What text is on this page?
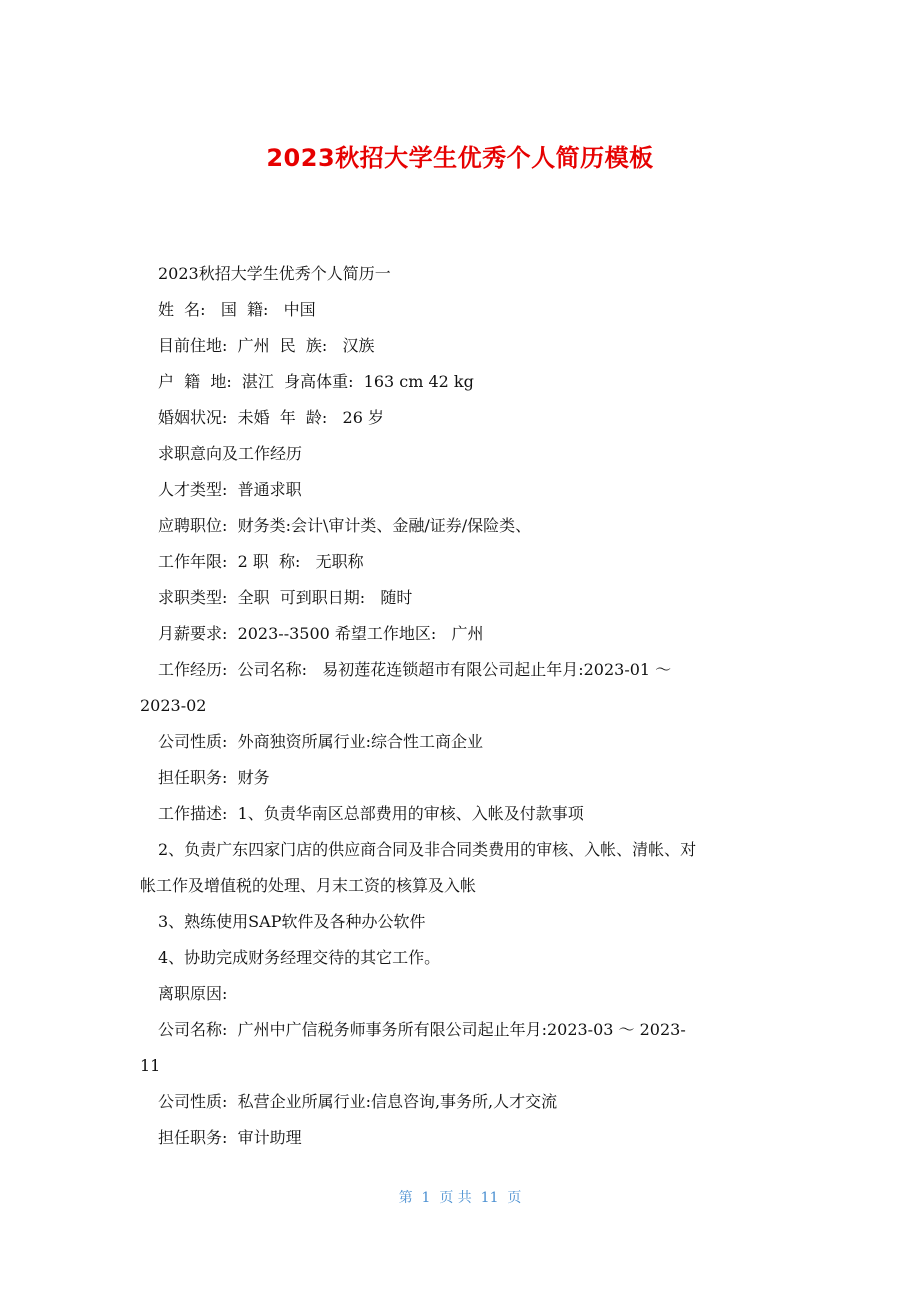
2023秋招大学生优秀个人简历模板
2023秋招大学生优秀个人简历一
姓  名:   国  籍:   中国
目前住地:  广州  民  族:   汉族
户  籍  地:  湛江  身高体重:  163 cm 42 kg
婚姻状况:  未婚  年  龄:   26 岁
求职意向及工作经历
人才类型:  普通求职
应聘职位:  财务类:会计\审计类、金融/证券/保险类、
工作年限:  2 职  称:   无职称
求职类型:  全职  可到职日期:   随时
月薪要求:  2023--3500 希望工作地区:   广州
工作经历:  公司名称:   易初莲花连锁超市有限公司起止年月:2023-01 ～
2023-02
公司性质:  外商独资所属行业:综合性工商企业
担任职务:  财务
工作描述:  1、负责华南区总部费用的审核、入帐及付款事项
2、负责广东四家门店的供应商合同及非合同类费用的审核、入帐、清帐、对
帐工作及增值税的处理、月末工资的核算及入帐
3、熟练使用SAP软件及各种办公软件
4、协助完成财务经理交待的其它工作。
离职原因:
公司名称:  广州中广信税务师事务所有限公司起止年月:2023-03 ～ 2023-
11
公司性质:  私营企业所属行业:信息咨询,事务所,人才交流
担任职务:  审计助理
第  1  页 共  11  页
